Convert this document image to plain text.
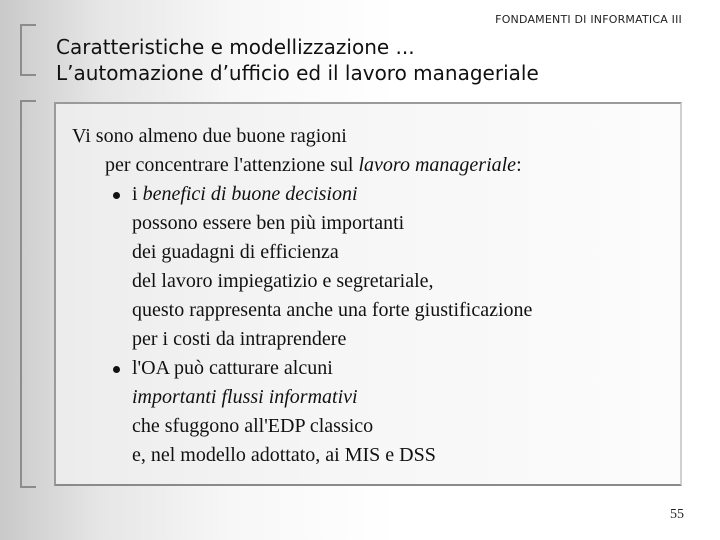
FONDAMENTI DI INFORMATICA III
Caratteristiche e modellizzazione ...
L’automazione d’ufficio ed il lavoro manageriale
Vi sono almeno due buone ragioni
per concentrare l'attenzione sul lavoro manageriale:
i benefici di buone decisioni
possono essere ben più importanti
dei guadagni di efficienza
del lavoro impiegatizio e segretariale,
questo rappresenta anche una forte giustificazione
per i costi da intraprendere
l'OA può catturare alcuni
importanti flussi informativi
che sfuggono all'EDP classico
e, nel modello adottato, ai MIS e DSS
55
